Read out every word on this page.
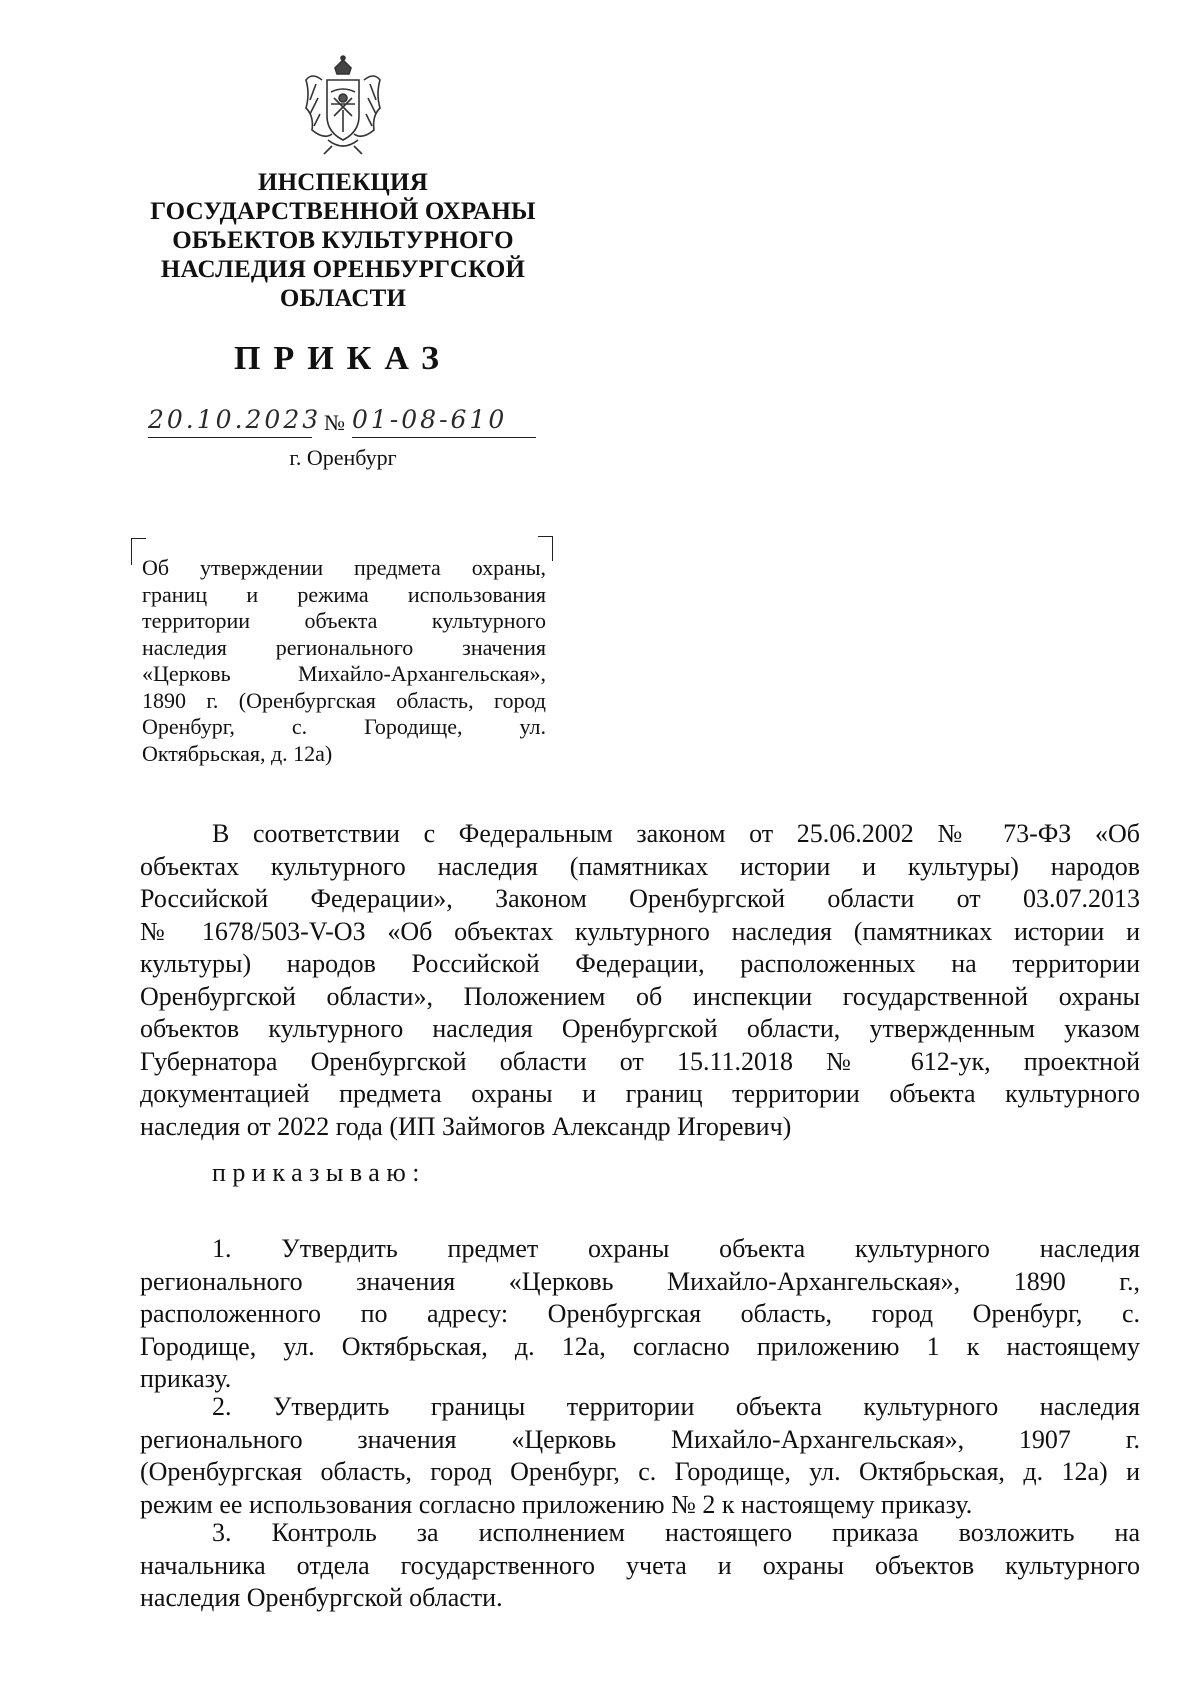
ИНСПЕКЦИЯ
ГОСУДАРСТВЕННОЙ ОХРАНЫ
ОБЪЕКТОВ КУЛЬТУРНОГО
НАСЛЕДИЯ ОРЕНБУРГСКОЙ
ОБЛАСТИ
ПРИКАЗ
20.10.2023 № 01-08-610
г. Оренбург
Об утверждении предмета охраны,
границ и режима использования
территории объекта культурного
наследия регионального значения
«Церковь Михайло-Архангельская»,
1890 г. (Оренбургская область, город
Оренбург, с. Городище, ул.
Октябрьская, д. 12а)
В соответствии с Федеральным законом от 25.06.2002 № 73-ФЗ «Об
объектах культурного наследия (памятниках истории и культуры) народов
Российской Федерации», Законом Оренбургской области от 03.07.2013
№ 1678/503-V-ОЗ «Об объектах культурного наследия (памятниках истории и
культуры) народов Российской Федерации, расположенных на территории
Оренбургской области», Положением об инспекции государственной охраны
объектов культурного наследия Оренбургской области, утвержденным указом
Губернатора Оренбургской области от 15.11.2018 № 612-ук, проектной
документацией предмета охраны и границ территории объекта культурного
наследия от 2022 года (ИП Займогов Александр Игоревич)
приказываю:
1. Утвердить предмет охраны объекта культурного наследия
регионального значения «Церковь Михайло-Архангельская», 1890 г.,
расположенного по адресу: Оренбургская область, город Оренбург, с.
Городище, ул. Октябрьская, д. 12а, согласно приложению 1 к настоящему
приказу.
2. Утвердить границы территории объекта культурного наследия
регионального значения «Церковь Михайло-Архангельская», 1907 г.
(Оренбургская область, город Оренбург, с. Городище, ул. Октябрьская, д. 12а) и
режим ее использования согласно приложению № 2 к настоящему приказу.
3. Контроль за исполнением настоящего приказа возложить на
начальника отдела государственного учета и охраны объектов культурного
наследия Оренбургской области.
